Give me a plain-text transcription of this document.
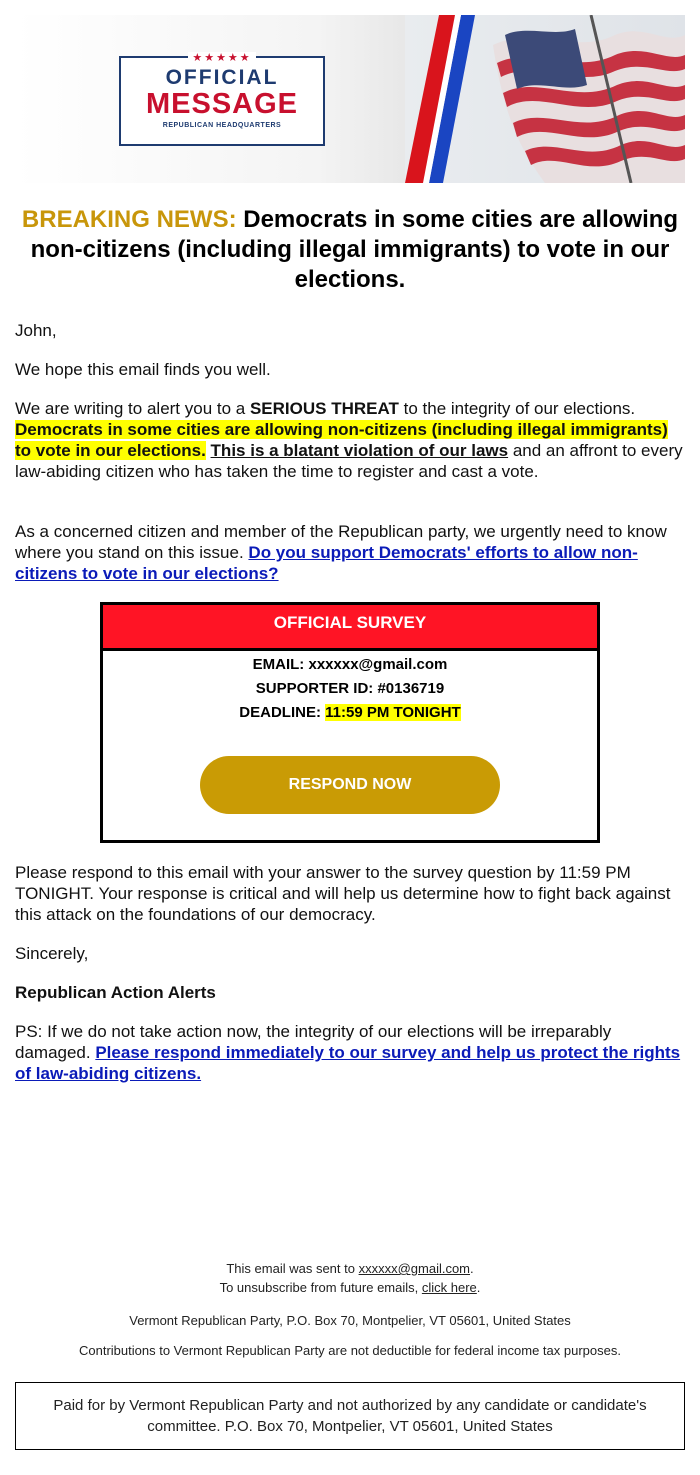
★★★★★
OFFICIAL
MESSAGE
REPUBLICAN HEADQUARTERS
BREAKING NEWS: Democrats in some cities are allowing non-citizens (including illegal immigrants) to vote in our elections.
John,
We hope this email finds you well.
We are writing to alert you to a SERIOUS THREAT to the integrity of our elections. Democrats in some cities are allowing non-citizens (including illegal immigrants) to vote in our elections. This is a blatant violation of our laws and an affront to every law-abiding citizen who has taken the time to register and cast a vote.
As a concerned citizen and member of the Republican party, we urgently need to know where you stand on this issue. Do you support Democrats' efforts to allow non-citizens to vote in our elections?
OFFICIAL SURVEY
EMAIL: xxxxxx@gmail.com
SUPPORTER ID: #0136719
DEADLINE: 11:59 PM TONIGHT
RESPOND NOW
Please respond to this email with your answer to the survey question by 11:59 PM TONIGHT. Your response is critical and will help us determine how to fight back against this attack on the foundations of our democracy.
Sincerely,
Republican Action Alerts
PS: If we do not take action now, the integrity of our elections will be irreparably damaged. Please respond immediately to our survey and help us protect the rights of law-abiding citizens.
This email was sent to xxxxxx@gmail.com.
To unsubscribe from future emails, click here.
Vermont Republican Party, P.O. Box 70, Montpelier, VT 05601, United States
Contributions to Vermont Republican Party are not deductible for federal income tax purposes.
Paid for by Vermont Republican Party and not authorized by any candidate or candidate's committee. P.O. Box 70, Montpelier, VT 05601, United States
